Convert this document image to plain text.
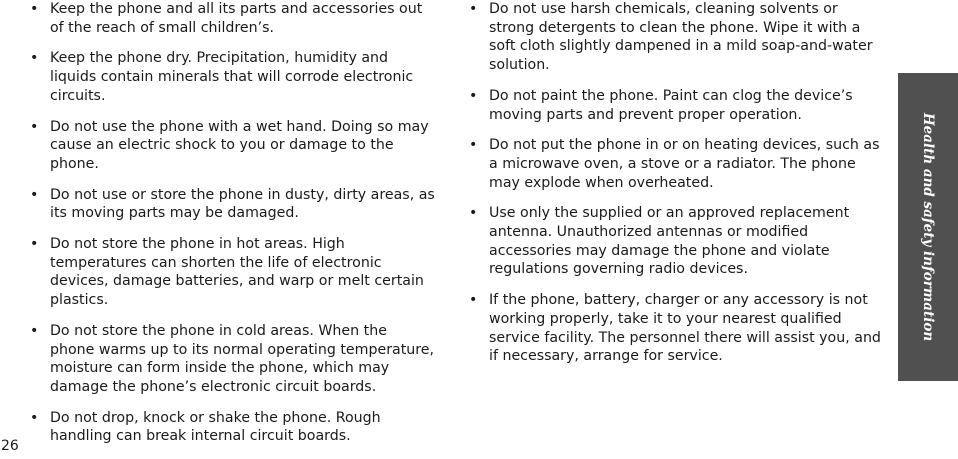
• Keep the phone and all its parts and accessories out of the reach of small children’s.
• Keep the phone dry. Precipitation, humidity and liquids contain minerals that will corrode electronic circuits.
• Do not use the phone with a wet hand. Doing so may cause an electric shock to you or damage to the phone.
• Do not use or store the phone in dusty, dirty areas, as its moving parts may be damaged.
• Do not store the phone in hot areas. High temperatures can shorten the life of electronic devices, damage batteries, and warp or melt certain plastics.
• Do not store the phone in cold areas. When the phone warms up to its normal operating temperature, moisture can form inside the phone, which may damage the phone’s electronic circuit boards.
• Do not drop, knock or shake the phone. Rough handling can break internal circuit boards.
• Do not use harsh chemicals, cleaning solvents or strong detergents to clean the phone. Wipe it with a soft cloth slightly dampened in a mild soap-and-water solution.
• Do not paint the phone. Paint can clog the device’s moving parts and prevent proper operation.
• Do not put the phone in or on heating devices, such as a microwave oven, a stove or a radiator. The phone may explode when overheated.
• Use only the supplied or an approved replacement antenna. Unauthorized antennas or modified accessories may damage the phone and violate regulations governing radio devices.
• If the phone, battery, charger or any accessory is not working properly, take it to your nearest qualified service facility. The personnel there will assist you, and if necessary, arrange for service.
Health and safety information
26
